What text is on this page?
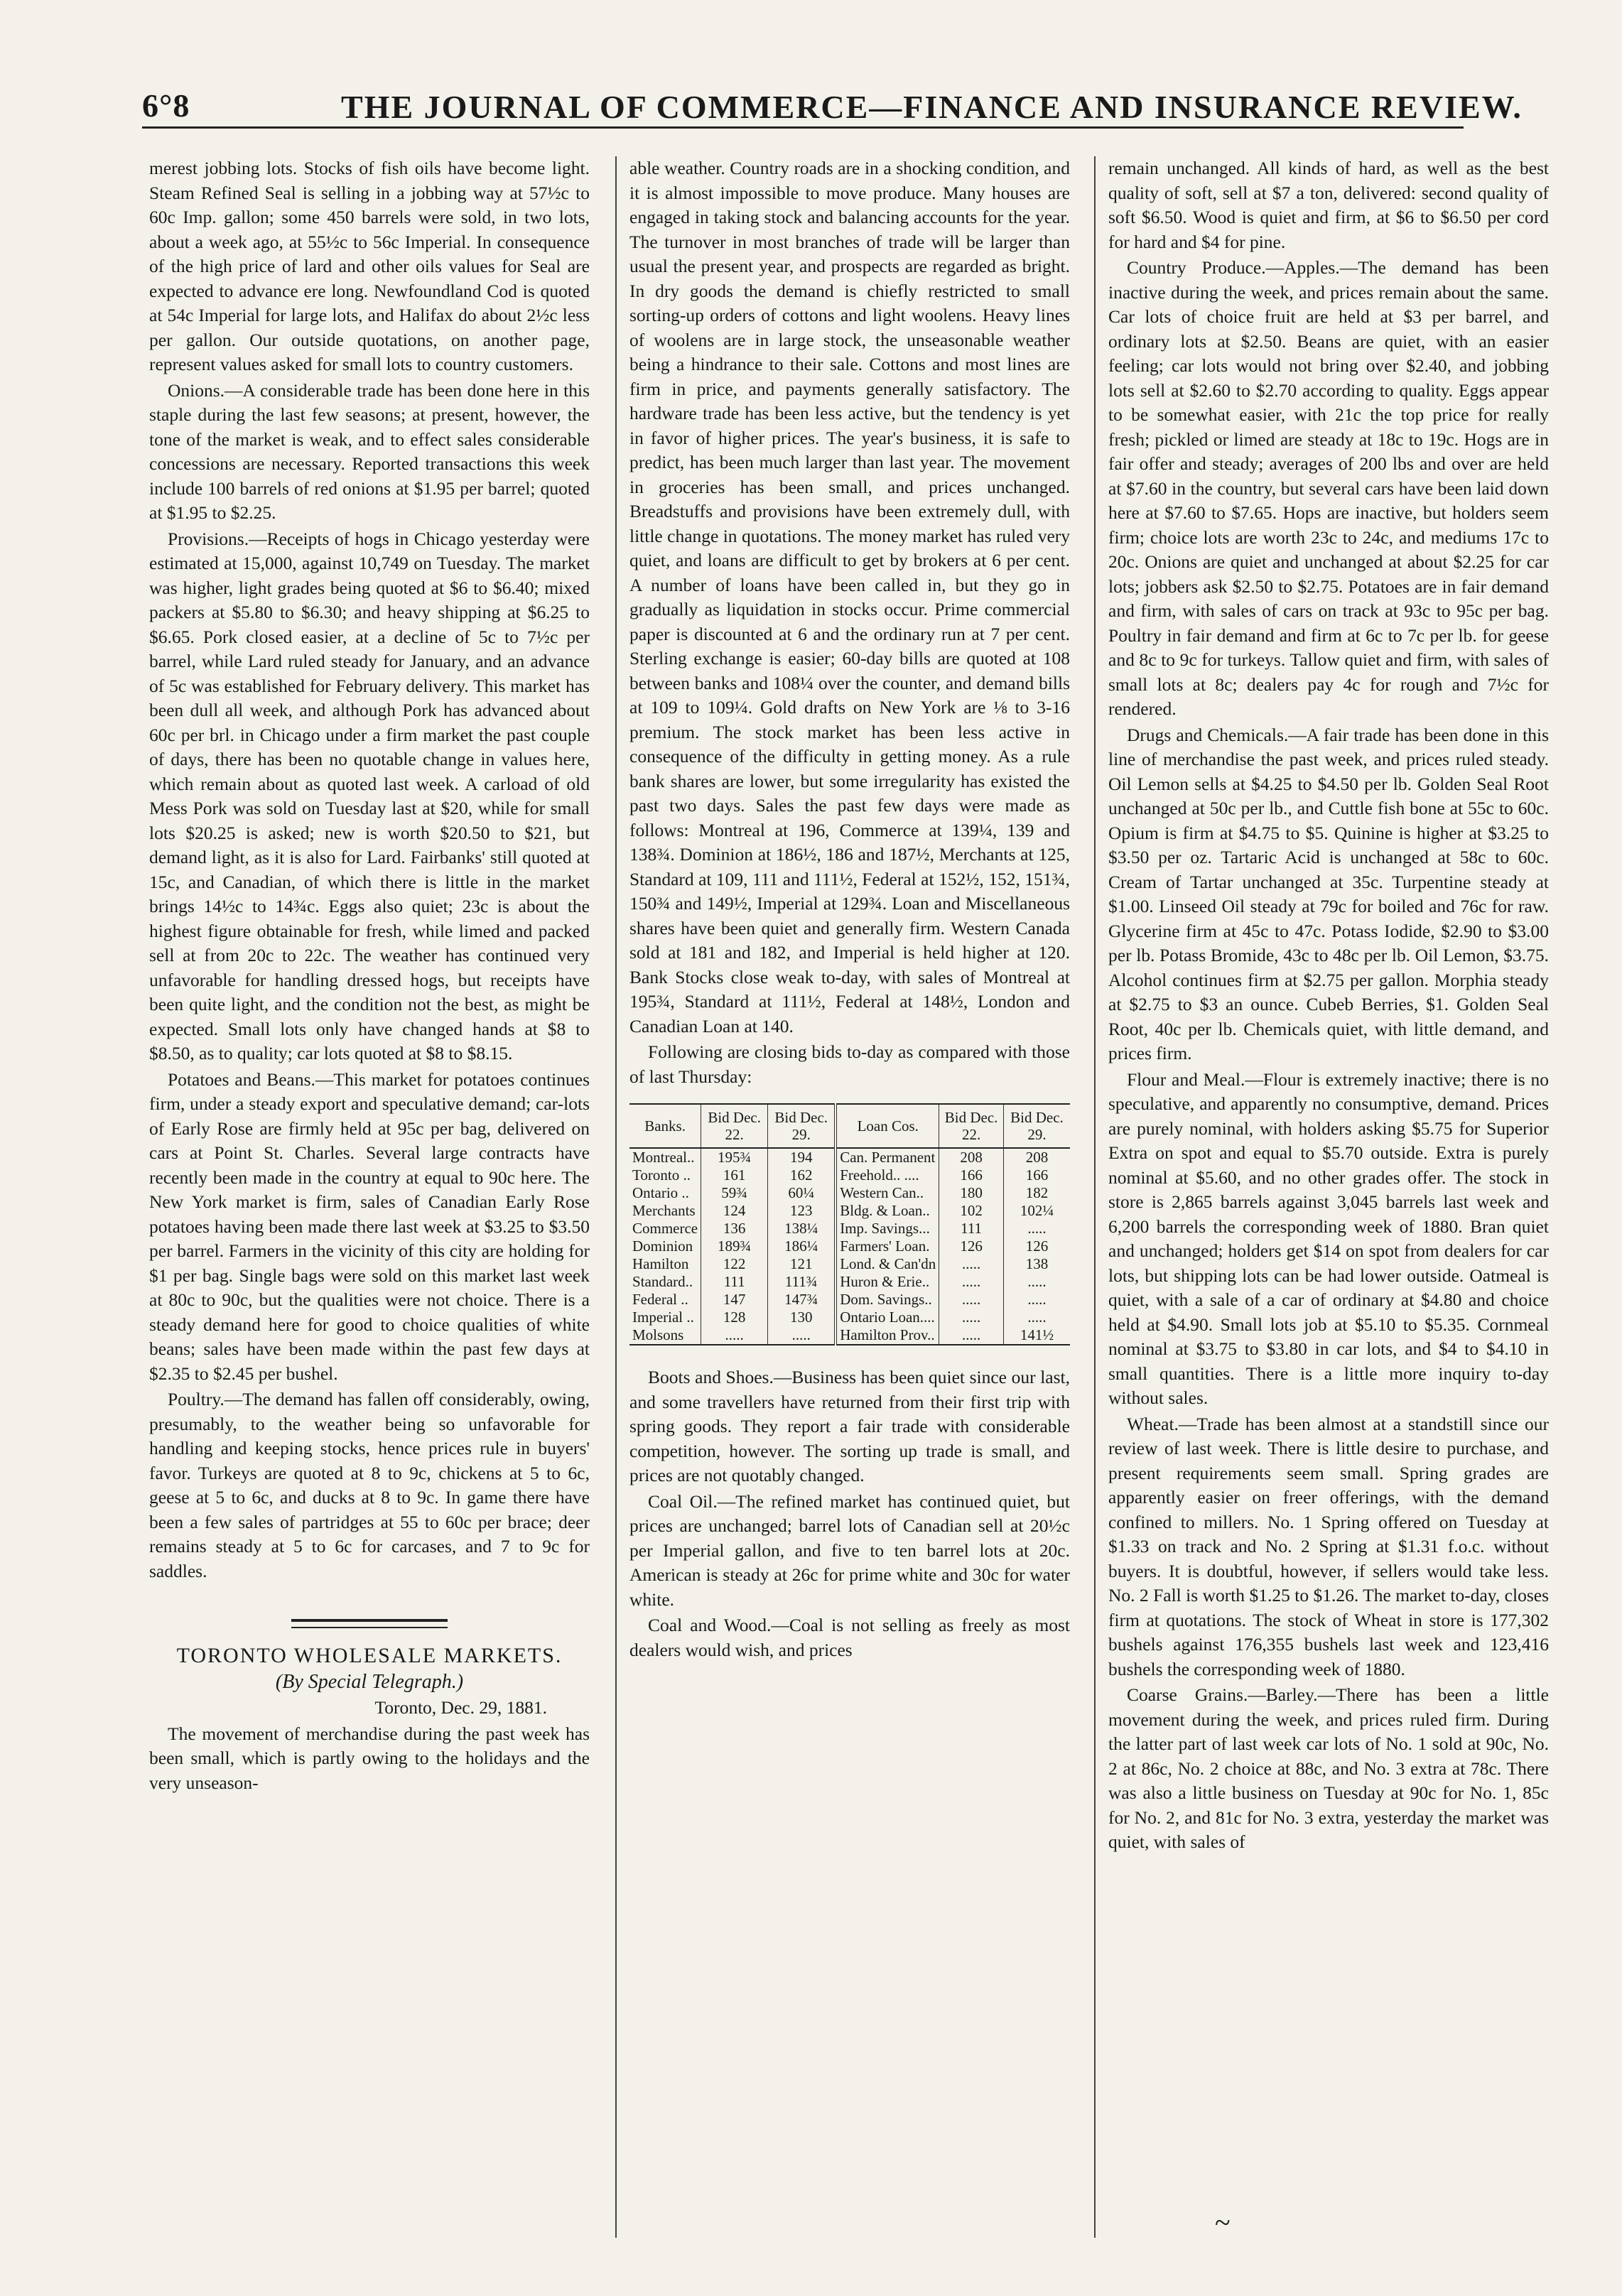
6°8	THE JOURNAL OF COMMERCE—FINANCE AND INSURANCE REVIEW.

merest jobbing lots. Stocks of fish oils have become light. Steam Refined Seal is selling in a jobbing way at 57½c to 60c Imp. gallon; some 450 barrels were sold, in two lots, about a week ago, at 55½c to 56c Imperial. In consequence of the high price of lard and other oils values for Seal are expected to advance ere long. Newfoundland Cod is quoted at 54c Imperial for large lots, and Halifax do about 2½c less per gallon. Our outside quotations, on another page, represent values asked for small lots to country customers.

Onions.—A considerable trade has been done here in this staple during the last few seasons; at present, however, the tone of the market is weak, and to effect sales considerable concessions are necessary. Reported transactions this week include 100 barrels of red onions at $1.95 per barrel; quoted at $1.95 to $2.25.

Provisions.—Receipts of hogs in Chicago yesterday were estimated at 15,000, against 10,749 on Tuesday. The market was higher, light grades being quoted at $6 to $6.40; mixed packers at $5.80 to $6.30; and heavy shipping at $6.25 to $6.65. Pork closed easier, at a decline of 5c to 7½c per barrel, while Lard ruled steady for January, and an advance of 5c was established for February delivery. This market has been dull all week, and although Pork has advanced about 60c per brl. in Chicago under a firm market the past couple of days, there has been no quotable change in values here, which remain about as quoted last week. A carload of old Mess Pork was sold on Tuesday last at $20, while for small lots $20.25 is asked; new is worth $20.50 to $21, but demand light, as it is also for Lard. Fairbanks' still quoted at 15c, and Canadian, of which there is little in the market brings 14½c to 14¾c. Eggs also quiet; 23c is about the highest figure obtainable for fresh, while limed and packed sell at from 20c to 22c. The weather has continued very unfavorable for handling dressed hogs, but receipts have been quite light, and the condition not the best, as might be expected. Small lots only have changed hands at $8 to $8.50, as to quality; car lots quoted at $8 to $8.15.

Potatoes and Beans.—This market for potatoes continues firm, under a steady export and speculative demand; car-lots of Early Rose are firmly held at 95c per bag, delivered on cars at Point St. Charles. Several large contracts have recently been made in the country at equal to 90c here. The New York market is firm, sales of Canadian Early Rose potatoes having been made there last week at $3.25 to $3.50 per barrel. Farmers in the vicinity of this city are holding for $1 per bag. Single bags were sold on this market last week at 80c to 90c, but the qualities were not choice. There is a steady demand here for good to choice qualities of white beans; sales have been made within the past few days at $2.35 to $2.45 per bushel.

Poultry.—The demand has fallen off considerably, owing, presumably, to the weather being so unfavorable for handling and keeping stocks, hence prices rule in buyers' favor. Turkeys are quoted at 8 to 9c, chickens at 5 to 6c, geese at 5 to 6c, and ducks at 8 to 9c. In game there have been a few sales of partridges at 55 to 60c per brace; deer remains steady at 5 to 6c for carcases, and 7 to 9c for saddles.

TORONTO WHOLESALE MARKETS.

(By Special Telegraph.)

Toronto, Dec. 29, 1881.

The movement of merchandise during the past week has been small, which is partly owing to the holidays and the very unseason-

able weather. Country roads are in a shocking condition, and it is almost impossible to move produce. Many houses are engaged in taking stock and balancing accounts for the year. The turnover in most branches of trade will be larger than usual the present year, and prospects are regarded as bright. In dry goods the demand is chiefly restricted to small sorting-up orders of cottons and light woolens. Heavy lines of woolens are in large stock, the unseasonable weather being a hindrance to their sale. Cottons and most lines are firm in price, and payments generally satisfactory. The hardware trade has been less active, but the tendency is yet in favor of higher prices. The year's business, it is safe to predict, has been much larger than last year. The movement in groceries has been small, and prices unchanged. Breadstuffs and provisions have been extremely dull, with little change in quotations. The money market has ruled very quiet, and loans are difficult to get by brokers at 6 per cent. A number of loans have been called in, but they go in gradually as liquidation in stocks occur. Prime commercial paper is discounted at 6 and the ordinary run at 7 per cent. Sterling exchange is easier; 60-day bills are quoted at 108 between banks and 108¼ over the counter, and demand bills at 109 to 109¼. Gold drafts on New York are ⅛ to 3-16 premium. The stock market has been less active in consequence of the difficulty in getting money. As a rule bank shares are lower, but some irregularity has existed the past two days. Sales the past few days were made as follows: Montreal at 196, Commerce at 139¼, 139 and 138¾. Dominion at 186½, 186 and 187½, Merchants at 125, Standard at 109, 111 and 111½, Federal at 152½, 152, 151¾, 150¾ and 149½, Imperial at 129¾. Loan and Miscellaneous shares have been quiet and generally firm. Western Canada sold at 181 and 182, and Imperial is held higher at 120. Bank Stocks close weak to-day, with sales of Montreal at 195¾, Standard at 111½, Federal at 148½, London and Canadian Loan at 140.

Following are closing bids to-day as compared with those of last Thursday:

Banks.	Bid Dec. 22.	Bid Dec. 29.	Loan Cos.	Bid Dec. 22.	Bid Dec. 29.
Montreal..	195¾	194	Can. Permanent	208	208
Toronto ..	161	162	Freehold.. ....	166	166
Ontario ..	59¾	60¼	Western Can..	180	182
Merchants	124	123	Bldg. & Loan..	102	102¼
Commerce	136	138¼	Imp. Savings...	111	.....
Dominion	189¾	186¼	Farmers' Loan.	126	126
Hamilton	122	121	Lond. & Can'dn	.....	138
Standard..	111	111¾	Huron & Erie..	.....	.....
Federal ..	147	147¾	Dom. Savings..	.....	.....
Imperial ..	128	130	Ontario Loan....	.....	.....
Molsons	.....	.....	Hamilton Prov..	.....	141½

Boots and Shoes.—Business has been quiet since our last, and some travellers have returned from their first trip with spring goods. They report a fair trade with considerable competition, however. The sorting up trade is small, and prices are not quotably changed.

Coal Oil.—The refined market has continued quiet, but prices are unchanged; barrel lots of Canadian sell at 20½c per Imperial gallon, and five to ten barrel lots at 20c. American is steady at 26c for prime white and 30c for water white.

Coal and Wood.—Coal is not selling as freely as most dealers would wish, and prices

remain unchanged. All kinds of hard, as well as the best quality of soft, sell at $7 a ton, delivered: second quality of soft $6.50. Wood is quiet and firm, at $6 to $6.50 per cord for hard and $4 for pine.

Country Produce.—Apples.—The demand has been inactive during the week, and prices remain about the same. Car lots of choice fruit are held at $3 per barrel, and ordinary lots at $2.50. Beans are quiet, with an easier feeling; car lots would not bring over $2.40, and jobbing lots sell at $2.60 to $2.70 according to quality. Eggs appear to be somewhat easier, with 21c the top price for really fresh; pickled or limed are steady at 18c to 19c. Hogs are in fair offer and steady; averages of 200 lbs and over are held at $7.60 in the country, but several cars have been laid down here at $7.60 to $7.65. Hops are inactive, but holders seem firm; choice lots are worth 23c to 24c, and mediums 17c to 20c. Onions are quiet and unchanged at about $2.25 for car lots; jobbers ask $2.50 to $2.75. Potatoes are in fair demand and firm, with sales of cars on track at 93c to 95c per bag. Poultry in fair demand and firm at 6c to 7c per lb. for geese and 8c to 9c for turkeys. Tallow quiet and firm, with sales of small lots at 8c; dealers pay 4c for rough and 7½c for rendered.

Drugs and Chemicals.—A fair trade has been done in this line of merchandise the past week, and prices ruled steady. Oil Lemon sells at $4.25 to $4.50 per lb. Golden Seal Root unchanged at 50c per lb., and Cuttle fish bone at 55c to 60c. Opium is firm at $4.75 to $5. Quinine is higher at $3.25 to $3.50 per oz. Tartaric Acid is unchanged at 58c to 60c. Cream of Tartar unchanged at 35c. Turpentine steady at $1.00. Linseed Oil steady at 79c for boiled and 76c for raw. Glycerine firm at 45c to 47c. Potass Iodide, $2.90 to $3.00 per lb. Potass Bromide, 43c to 48c per lb. Oil Lemon, $3.75. Alcohol continues firm at $2.75 per gallon. Morphia steady at $2.75 to $3 an ounce. Cubeb Berries, $1. Golden Seal Root, 40c per lb. Chemicals quiet, with little demand, and prices firm.

Flour and Meal.—Flour is extremely inactive; there is no speculative, and apparently no consumptive, demand. Prices are purely nominal, with holders asking $5.75 for Superior Extra on spot and equal to $5.70 outside. Extra is purely nominal at $5.60, and no other grades offer. The stock in store is 2,865 barrels against 3,045 barrels last week and 6,200 barrels the corresponding week of 1880. Bran quiet and unchanged; holders get $14 on spot from dealers for car lots, but shipping lots can be had lower outside. Oatmeal is quiet, with a sale of a car of ordinary at $4.80 and choice held at $4.90. Small lots job at $5.10 to $5.35. Cornmeal nominal at $3.75 to $3.80 in car lots, and $4 to $4.10 in small quantities. There is a little more inquiry to-day without sales.

Wheat.—Trade has been almost at a standstill since our review of last week. There is little desire to purchase, and present requirements seem small. Spring grades are apparently easier on freer offerings, with the demand confined to millers. No. 1 Spring offered on Tuesday at $1.33 on track and No. 2 Spring at $1.31 f.o.c. without buyers. It is doubtful, however, if sellers would take less. No. 2 Fall is worth $1.25 to $1.26. The market to-day, closes firm at quotations. The stock of Wheat in store is 177,302 bushels against 176,355 bushels last week and 123,416 bushels the corresponding week of 1880.

Coarse Grains.—Barley.—There has been a little movement during the week, and prices ruled firm. During the latter part of last week car lots of No. 1 sold at 90c, No. 2 at 86c, No. 2 choice at 88c, and No. 3 extra at 78c. There was also a little business on Tuesday at 90c for No. 1, 85c for No. 2, and 81c for No. 3 extra, yesterday the market was quiet, with sales of

~
